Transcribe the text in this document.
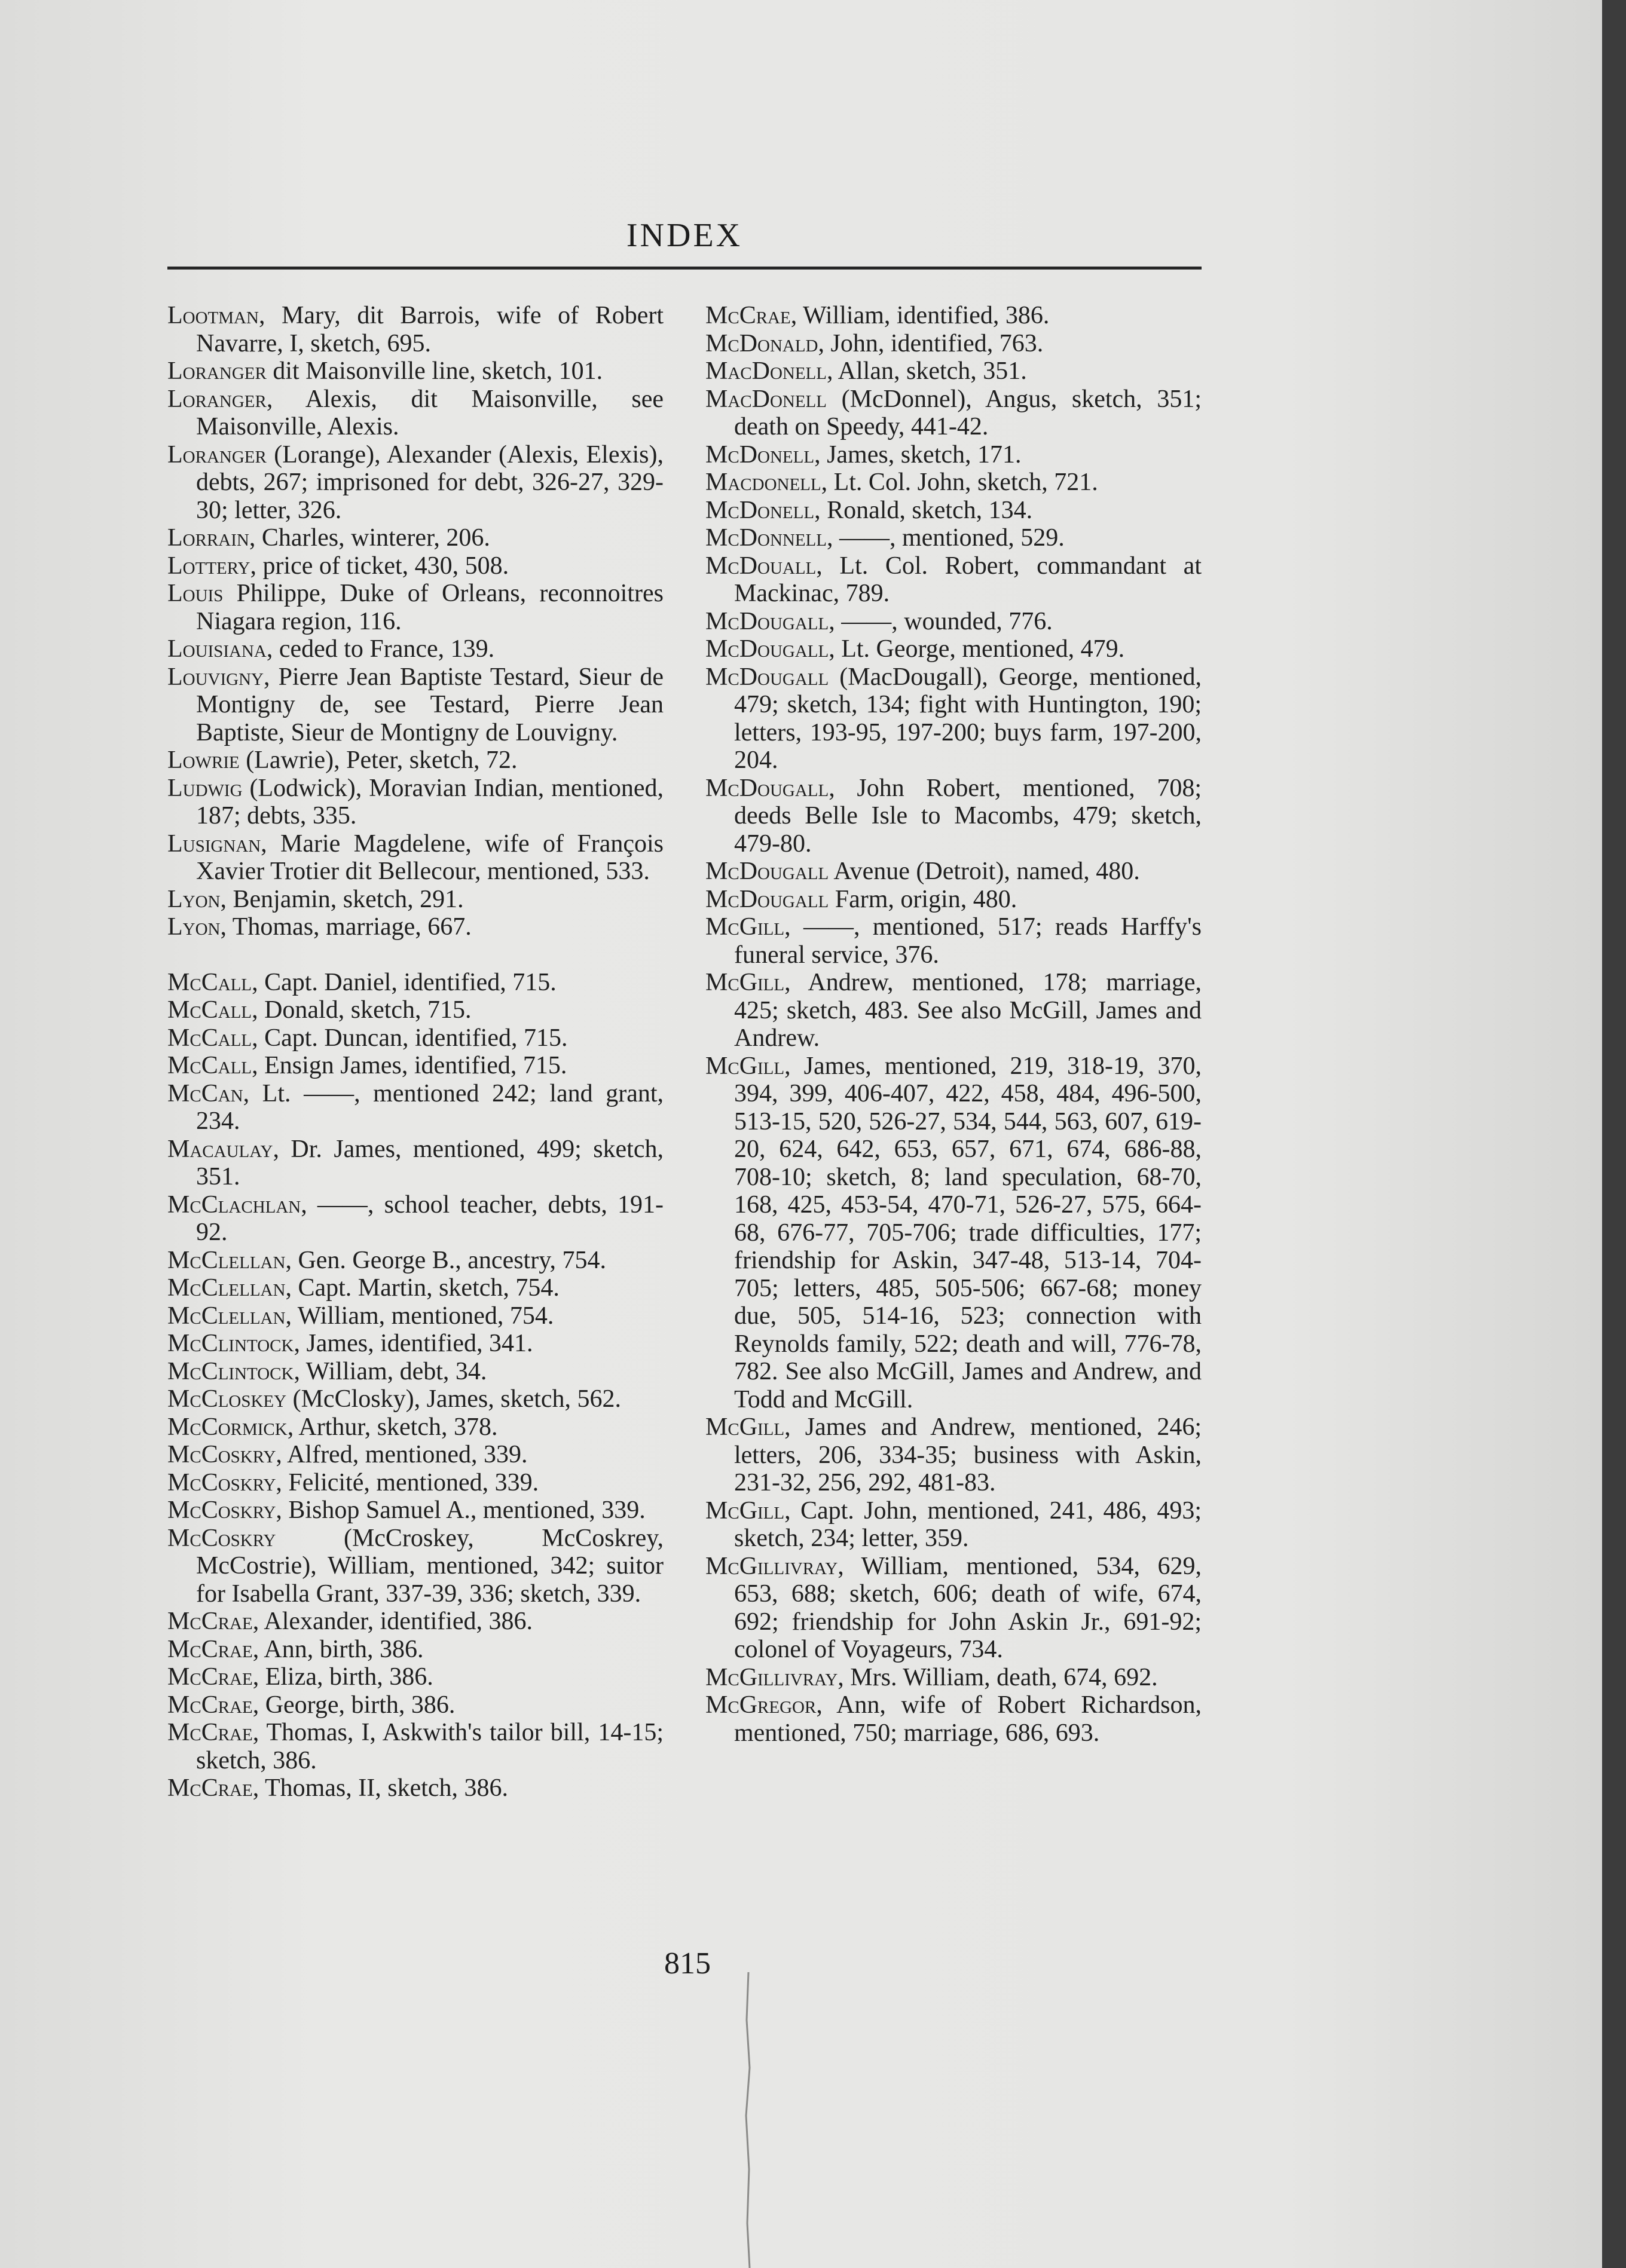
INDEX
Lootman, Mary, dit Barrois, wife of Robert Navarre, I, sketch, 695.
Loranger dit Maisonville line, sketch, 101.
Loranger, Alexis, dit Maisonville, see Maisonville, Alexis.
Loranger (Lorange), Alexander (Alexis, Elexis), debts, 267; imprisoned for debt, 326-27, 329-30; letter, 326.
Lorrain, Charles, winterer, 206.
Lottery, price of ticket, 430, 508.
Louis Philippe, Duke of Orleans, reconnoitres Niagara region, 116.
Louisiana, ceded to France, 139.
Louvigny, Pierre Jean Baptiste Testard, Sieur de Montigny de, see Testard, Pierre Jean Baptiste, Sieur de Montigny de Louvigny.
Lowrie (Lawrie), Peter, sketch, 72.
Ludwig (Lodwick), Moravian Indian, mentioned, 187; debts, 335.
Lusignan, Marie Magdelene, wife of François Xavier Trotier dit Bellecour, mentioned, 533.
Lyon, Benjamin, sketch, 291.
Lyon, Thomas, marriage, 667.
McCall, Capt. Daniel, identified, 715.
McCall, Donald, sketch, 715.
McCall, Capt. Duncan, identified, 715.
McCall, Ensign James, identified, 715.
McCan, Lt. ——, mentioned 242; land grant, 234.
Macaulay, Dr. James, mentioned, 499; sketch, 351.
McClachlan, ——, school teacher, debts, 191-92.
McClellan, Gen. George B., ancestry, 754.
McClellan, Capt. Martin, sketch, 754.
McClellan, William, mentioned, 754.
McClintock, James, identified, 341.
McClintock, William, debt, 34.
McCloskey (McClosky), James, sketch, 562.
McCormick, Arthur, sketch, 378.
McCoskry, Alfred, mentioned, 339.
McCoskry, Felicité, mentioned, 339.
McCoskry, Bishop Samuel A., mentioned, 339.
McCoskry (McCroskey, McCoskrey, McCostrie), William, mentioned, 342; suitor for Isabella Grant, 337-39, 336; sketch, 339.
McCrae, Alexander, identified, 386.
McCrae, Ann, birth, 386.
McCrae, Eliza, birth, 386.
McCrae, George, birth, 386.
McCrae, Thomas, I, Askwith's tailor bill, 14-15; sketch, 386.
McCrae, Thomas, II, sketch, 386.
McCrae, William, identified, 386.
McDonald, John, identified, 763.
MacDonell, Allan, sketch, 351.
MacDonell (McDonnel), Angus, sketch, 351; death on Speedy, 441-42.
McDonell, James, sketch, 171.
Macdonell, Lt. Col. John, sketch, 721.
McDonell, Ronald, sketch, 134.
McDonnell, ——, mentioned, 529.
McDouall, Lt. Col. Robert, commandant at Mackinac, 789.
McDougall, ——, wounded, 776.
McDougall, Lt. George, mentioned, 479.
McDougall (MacDougall), George, mentioned, 479; sketch, 134; fight with Huntington, 190; letters, 193-95, 197-200; buys farm, 197-200, 204.
McDougall, John Robert, mentioned, 708; deeds Belle Isle to Macombs, 479; sketch, 479-80.
McDougall Avenue (Detroit), named, 480.
McDougall Farm, origin, 480.
McGill, ——, mentioned, 517; reads Harffy's funeral service, 376.
McGill, Andrew, mentioned, 178; marriage, 425; sketch, 483. See also McGill, James and Andrew.
McGill, James, mentioned, 219, 318-19, 370, 394, 399, 406-407, 422, 458, 484, 496-500, 513-15, 520, 526-27, 534, 544, 563, 607, 619-20, 624, 642, 653, 657, 671, 674, 686-88, 708-10; sketch, 8; land speculation, 68-70, 168, 425, 453-54, 470-71, 526-27, 575, 664-68, 676-77, 705-706; trade difficulties, 177; friendship for Askin, 347-48, 513-14, 704-705; letters, 485, 505-506; 667-68; money due, 505, 514-16, 523; connection with Reynolds family, 522; death and will, 776-78, 782. See also McGill, James and Andrew, and Todd and McGill.
McGill, James and Andrew, mentioned, 246; letters, 206, 334-35; business with Askin, 231-32, 256, 292, 481-83.
McGill, Capt. John, mentioned, 241, 486, 493; sketch, 234; letter, 359.
McGillivray, William, mentioned, 534, 629, 653, 688; sketch, 606; death of wife, 674, 692; friendship for John Askin Jr., 691-92; colonel of Voyageurs, 734.
McGillivray, Mrs. William, death, 674, 692.
McGregor, Ann, wife of Robert Richardson, mentioned, 750; marriage, 686, 693.
815
